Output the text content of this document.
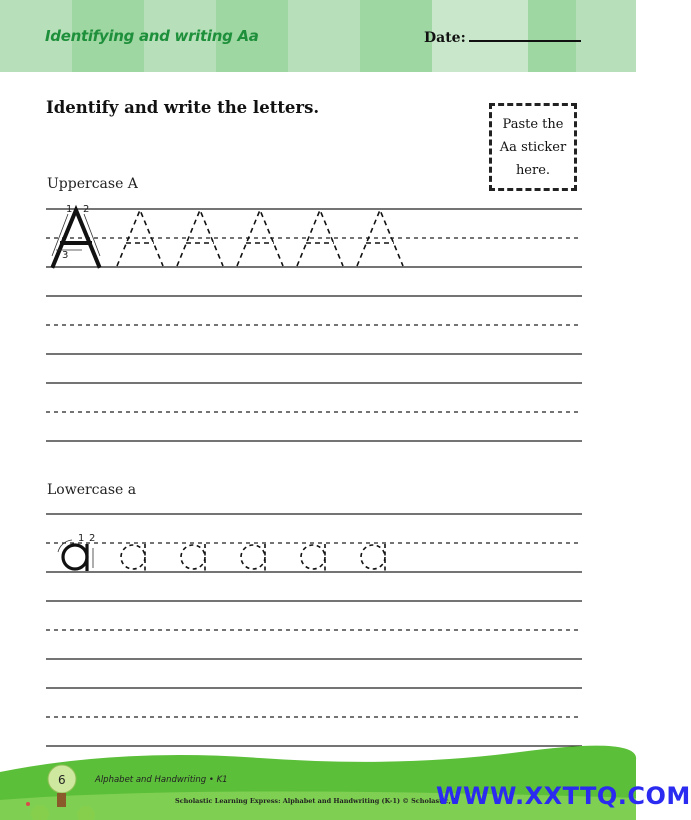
Identifying and writing Aa	Date:
Identify and write the letters.
Paste the
Aa sticker
here.
Uppercase A
Lowercase a
1 2
3
1 2
6	Alphabet and Handwriting • K1
Scholastic Learning Express: Alphabet and Handwriting (K-1) © Scholastic, I
WWW.XXTTQ.COM
